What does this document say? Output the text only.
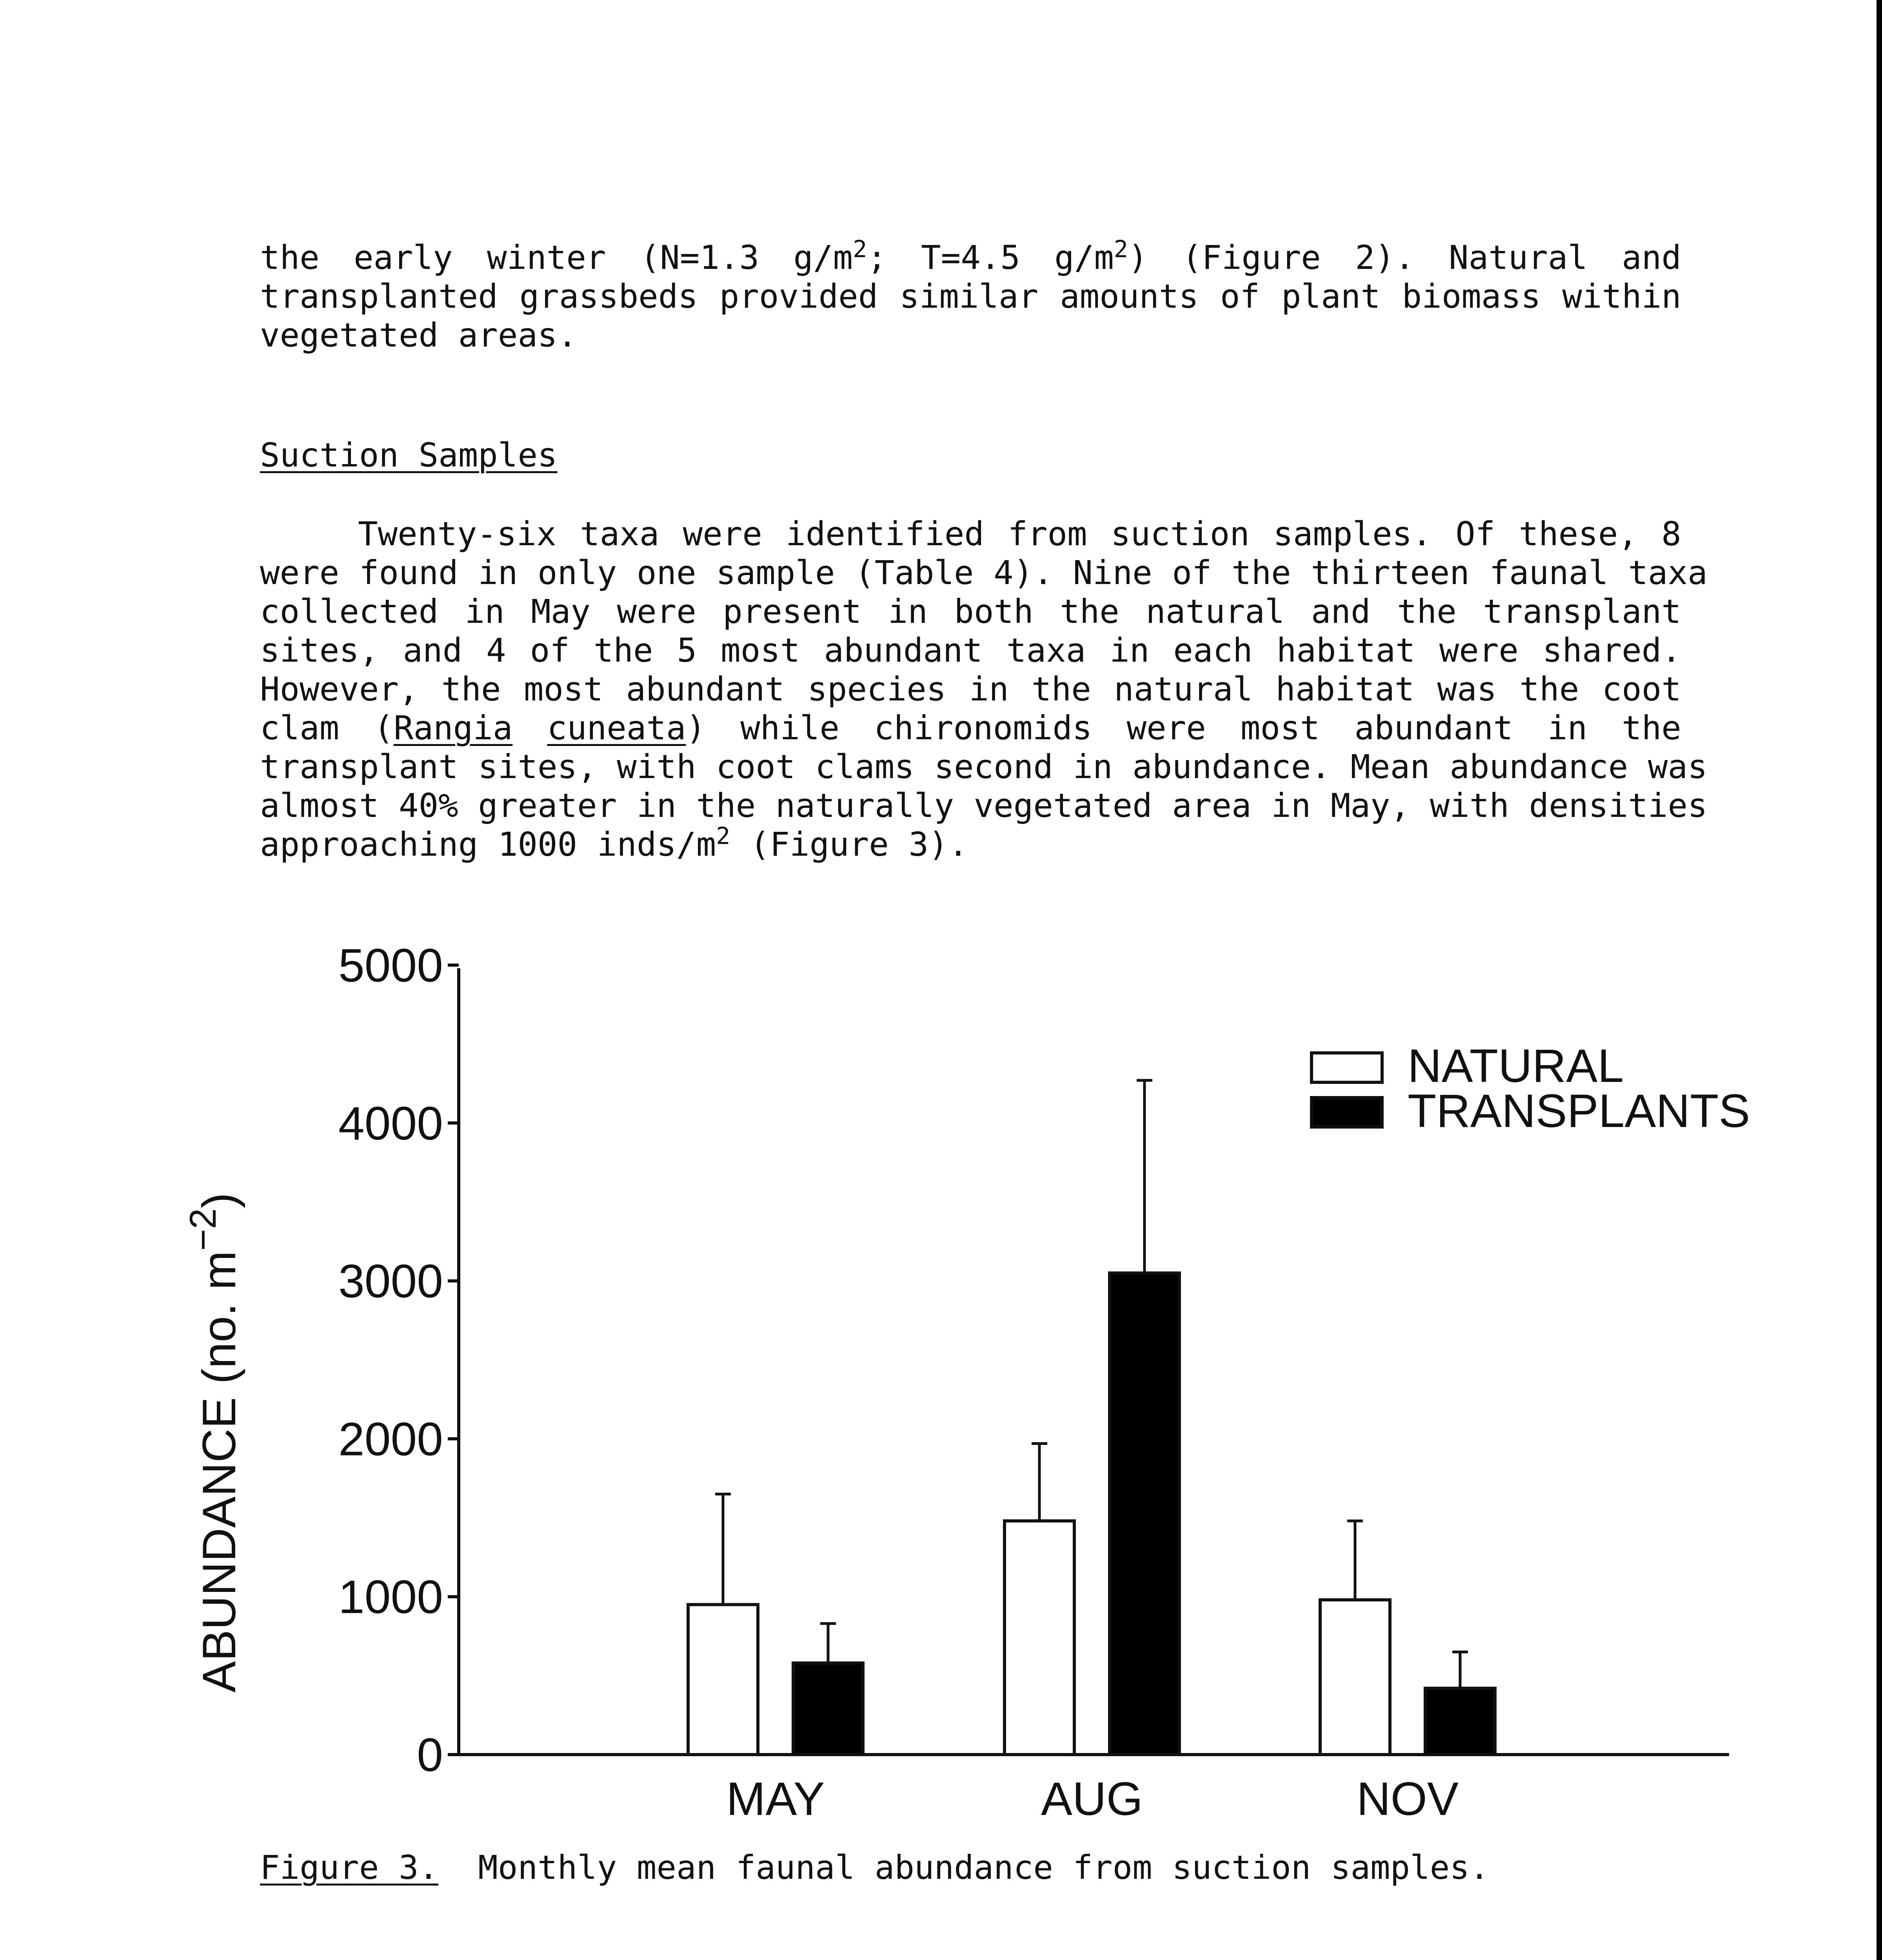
the early winter (N=1.3 $g/m^2$; T=4.5 $g/m^2$) (Figure 2). Natural and
transplanted grassbeds provided similar amounts of plant biomass within
vegetated areas.

Suction Samples

Twenty-six taxa were identified from suction samples. Of these, 8
were found in only one sample (Table 4). Nine of the thirteen faunal taxa
collected in May were present in both the natural and the transplant
sites, and 4 of the 5 most abundant taxa in each habitat were shared.
However, the most abundant species in the natural habitat was the coot
clam (Rangia cuneata) while chironomids were most abundant in the
transplant sites, with coot clams second in abundance. Mean abundance was
almost 40% greater in the naturally vegetated area in May, with densities
approaching 1000 inds/$m^2$ (Figure 3).

0
1000
2000
3000
4000
5000
MAY	AUG	NOV
ABUNDANCE (no. $m^{-2}$)
NATURAL
TRANSPLANTS

Figure 3.  Monthly mean faunal abundance from suction samples.
